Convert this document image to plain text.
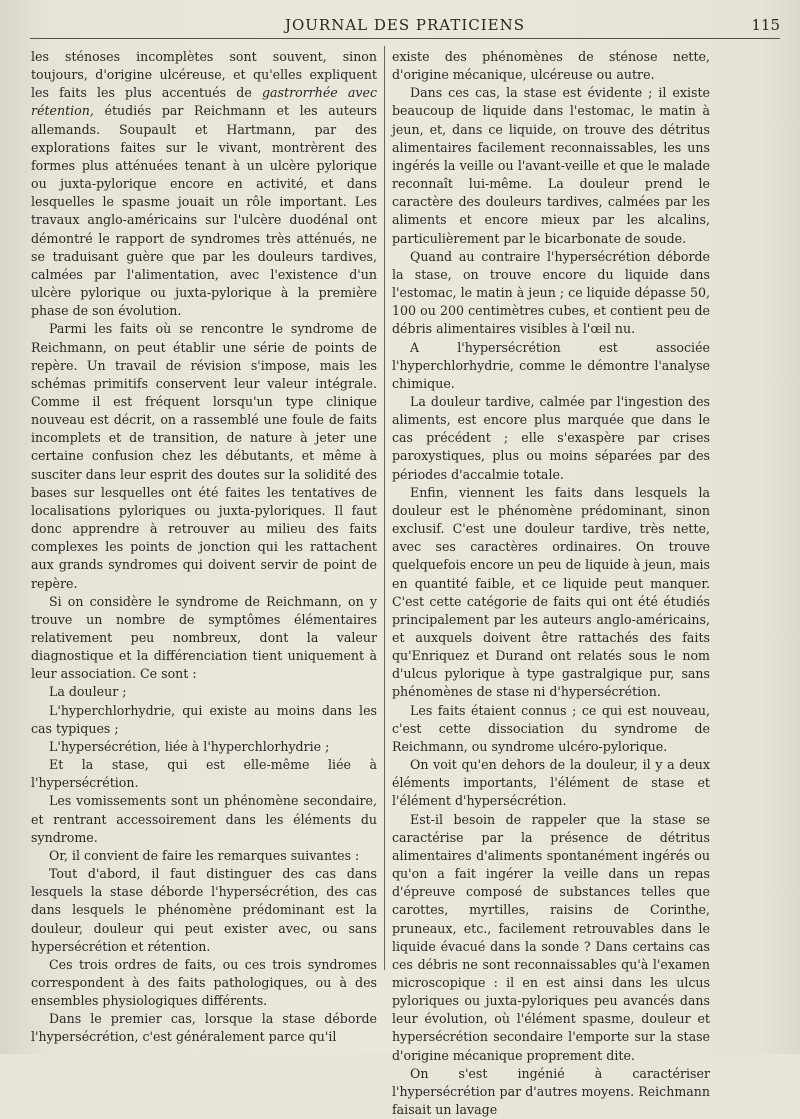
JOURNAL DES PRATICIENS	115

les sténoses incomplètes sont souvent, sinon toujours, d'origine ulcéreuse, et qu'elles expliquent les faits les plus accentués de gastrorrhée avec rétention, étudiés par Reichmann et les auteurs allemands. Soupault et Hartmann, par des explorations faites sur le vivant, montrèrent des formes plus atténuées tenant à un ulcère pylorique ou juxta-pylorique encore en activité, et dans lesquelles le spasme jouait un rôle important. Les travaux anglo-américains sur l'ulcère duodénal ont démontré le rapport de syndromes très atténués, ne se traduisant guère que par les douleurs tardives, calmées par l'alimentation, avec l'existence d'un ulcère pylorique ou juxta-pylorique à la première phase de son évolution.

Parmi les faits où se rencontre le syndrome de Reichmann, on peut établir une série de points de repère. Un travail de révision s'impose, mais les schémas primitifs conservent leur valeur intégrale. Comme il est fréquent lorsqu'un type clinique nouveau est décrit, on a rassemblé une foule de faits incomplets et de transition, de nature à jeter une certaine confusion chez les débutants, et même à susciter dans leur esprit des doutes sur la solidité des bases sur lesquelles ont été faites les tentatives de localisations pyloriques ou juxta-pyloriques. Il faut donc apprendre à retrouver au milieu des faits complexes les points de jonction qui les rattachent aux grands syndromes qui doivent servir de point de repère.

Si on considère le syndrome de Reichmann, on y trouve un nombre de symptômes élémentaires relativement peu nombreux, dont la valeur diagnostique et la différenciation tient uniquement à leur association. Ce sont :

La douleur ;

L'hyperchlorhydrie, qui existe au moins dans les cas typiques ;

L'hypersécrétion, liée à l'hyperchlorhydrie ;

Et la stase, qui est elle-même liée à l'hypersécrétion.

Les vomissements sont un phénomène secondaire, et rentrant accessoirement dans les éléments du syndrome.

Or, il convient de faire les remarques suivantes :

Tout d'abord, il faut distinguer des cas dans lesquels la stase déborde l'hypersécrétion, des cas dans lesquels le phénomène prédominant est la douleur, douleur qui peut exister avec, ou sans hypersécrétion et rétention.

Ces trois ordres de faits, ou ces trois syndromes correspondent à des faits pathologiques, ou à des ensembles physiologiques différents.

Dans le premier cas, lorsque la stase déborde l'hypersécrétion, c'est généralement parce qu'il

existe des phénomènes de sténose nette, d'origine mécanique, ulcéreuse ou autre.

Dans ces cas, la stase est évidente ; il existe beaucoup de liquide dans l'estomac, le matin à jeun, et, dans ce liquide, on trouve des détritus alimentaires facilement reconnaissables, les uns ingérés la veille ou l'avant-veille et que le malade reconnaît lui-même. La douleur prend le caractère des douleurs tardives, calmées par les aliments et encore mieux par les alcalins, particulièrement par le bicarbonate de soude.

Quand au contraire l'hypersécrétion déborde la stase, on trouve encore du liquide dans l'estomac, le matin à jeun ; ce liquide dépasse 50, 100 ou 200 centimètres cubes, et contient peu de débris alimentaires visibles à l'œil nu.

A l'hypersécrétion est associée l'hyperchlorhydrie, comme le démontre l'analyse chimique.

La douleur tardive, calmée par l'ingestion des aliments, est encore plus marquée que dans le cas précédent ; elle s'exaspère par crises paroxystiques, plus ou moins séparées par des périodes d'accalmie totale.

Enfin, viennent les faits dans lesquels la douleur est le phénomène prédominant, sinon exclusif. C'est une douleur tardive, très nette, avec ses caractères ordinaires. On trouve quelquefois encore un peu de liquide à jeun, mais en quantité faible, et ce liquide peut manquer. C'est cette catégorie de faits qui ont été étudiés principalement par les auteurs anglo-américains, et auxquels doivent être rattachés des faits qu'Enriquez et Durand ont relatés sous le nom d'ulcus pylorique à type gastralgique pur, sans phénomènes de stase ni d'hypersécrétion.

Les faits étaient connus ; ce qui est nouveau, c'est cette dissociation du syndrome de Reichmann, ou syndrome ulcéro-pylorique.

On voit qu'en dehors de la douleur, il y a deux éléments importants, l'élément de stase et l'élément d'hypersécrétion.

Est-il besoin de rappeler que la stase se caractérise par la présence de détritus alimentaires d'aliments spontanément ingérés ou qu'on a fait ingérer la veille dans un repas d'épreuve composé de substances telles que carottes, myrtilles, raisins de Corinthe, pruneaux, etc., facilement retrouvables dans le liquide évacué dans la sonde ? Dans certains cas ces débris ne sont reconnaissables qu'à l'examen microscopique : il en est ainsi dans les ulcus pyloriques ou juxta-pyloriques peu avancés dans leur évolution, où l'élément spasme, douleur et hypersécrétion secondaire l'emporte sur la stase d'origine mécanique proprement dite.

On s'est ingénié à caractériser l'hypersécrétion par d'autres moyens. Reichmann faisait un lavage
